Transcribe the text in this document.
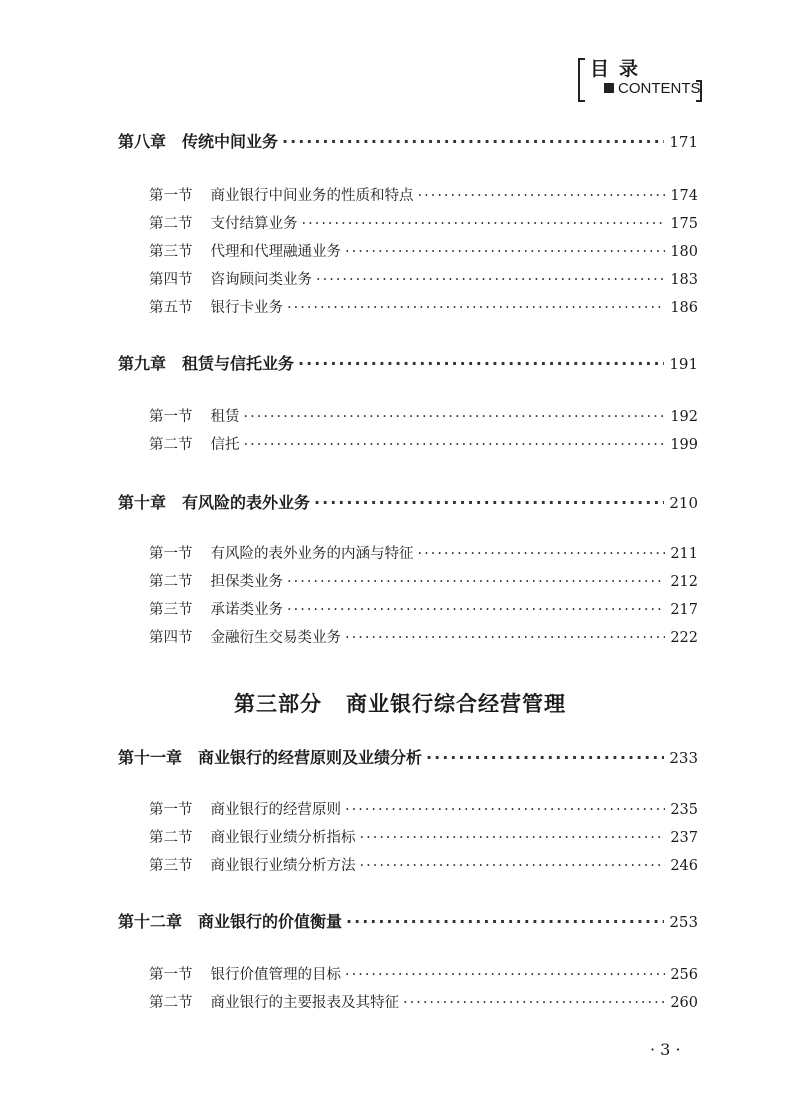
目录
CONTENTS
第八章 传统中间业务 ·····	171
第一节 商业银行中间业务的性质和特点 ·····	174
第二节 支付结算业务 ·····	175
第三节 代理和代理融通业务 ·····	180
第四节 咨询顾问类业务 ·····	183
第五节 银行卡业务 ·····	186
第九章 租赁与信托业务 ·····	191
第一节 租赁 ·····	192
第二节 信托 ·····	199
第十章 有风险的表外业务 ·····	210
第一节 有风险的表外业务的内涵与特征 ·····	211
第二节 担保类业务 ·····	212
第三节 承诺类业务 ·····	217
第四节 金融衍生交易类业务 ·····	222
第三部分 商业银行综合经营管理
第十一章 商业银行的经营原则及业绩分析 ·····	233
第一节 商业银行的经营原则 ·····	235
第二节 商业银行业绩分析指标 ·····	237
第三节 商业银行业绩分析方法 ·····	246
第十二章 商业银行的价值衡量 ·····	253
第一节 银行价值管理的目标 ·····	256
第二节 商业银行的主要报表及其特征 ·····	260
· 3 ·
